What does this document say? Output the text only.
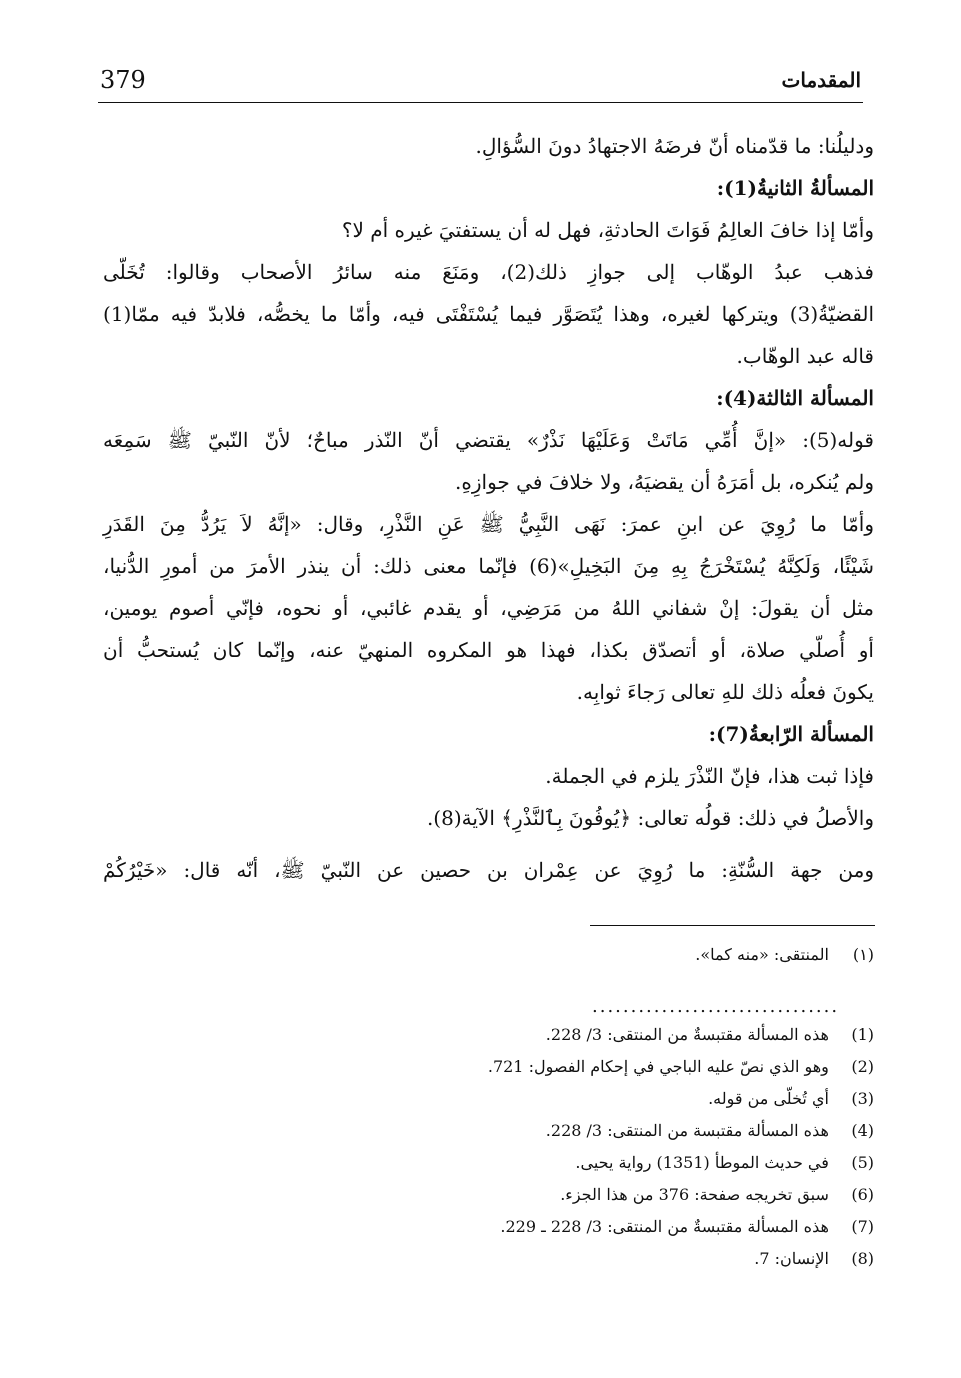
379	المقدمات
ودليلُنا: ما قدّمناه أنّ فرضَهُ الاجتهادُ دونَ السُّؤالِ.
المسألةُ الثانيةُ(1):
وأمّا إذا خافَ العالِمُ فَوَاتَ الحادثةِ، فهل له أن يستفتيَ غيره أم لا؟
فذهب عبدُ الوهّاب إلى جوازِ ذلك(2)، ومَنَعَ منه سائرُ الأصحاب وقالوا: تُخَلّى
القضيّةُ(3) ويتركها لغيره، وهذا يُتَصَوَّر فيما يُسْتَفْتَى فيه، وأمّا ما يخصُّه، فلابدّ فيه ممّا(1)
قاله عبد الوهّاب.
المسألة الثالثة(4):
قوله(5): «إنَّ أُمِّي مَاتَتْ وَعَلَيْهَا نَذْرٌ» يقتضي أنّ النّذر مباحٌ؛ لأنّ النّبيّ ﷺ سَمِعَه
ولم يُنكره، بل أمَرَهُ أن يقضيَهُ، ولا خلافَ في جوازِهِ.
وأمّا ما رُوِيَ عن ابنِ عمرَ: نَهَى النَّبِيُّ ﷺ عَنِ النَّذْرِ، وقال: «إنَّهُ لاَ يَرُدُّ مِنَ القَدَرِ
شَيْئًا، وَلَكِنَّهُ يُسْتَخْرَجُ بِهِ مِنَ البَخِيلِ»(6) فإنّما معنى ذلك: أن ينذر الأمرَ من أمورِ الدُّنيا،
مثل أن يقولَ: إنْ شفاني اللهُ من مَرَضِي، أو يقدم غائبي، أو نحوه، فإنّي أصوم يومين،
أو أُصلّي صلاة، أو أتصدّق بكذا، فهذا هو المكروه المنهيّ عنه، وإنّما كان يُستحبُّ أن
يكونَ فعلُه ذلك للهِ تعالى رَجاءَ ثوابِه.
المسألة الرّابعةُ(7):
فإذا ثبت هذا، فإنّ النّذْرَ يلزم في الجملة.
والأصلُ في ذلك: قولُه تعالى: ﴿يُوفُونَ بِٱلنَّذْرِ﴾ الآية(8).
ومن جهة السُّنّةِ: ما رُوِيَ عن عِمْران بن حصين عن النّبيّ ﷺ، أنّه قال: «خَيْرُكُمْ
(١) المنتقى: «منه كما».
................................
(1) هذه المسألة مقتبسةٌ من المنتقى: 3/ 228.
(2) وهو الذي نصّ عليه الباجي في إحكام الفصول: 721.
(3) أي تُخلّى من قوله.
(4) هذه المسألة مقتبسة من المنتقى: 3/ 228.
(5) في حديث الموطأ (1351) رواية يحيى.
(6) سبق تخريجه صفحة: 376 من هذا الجزء.
(7) هذه المسألة مقتبسةٌ من المنتقى: 3/ 228 ـ 229.
(8) الإنسان: 7.
